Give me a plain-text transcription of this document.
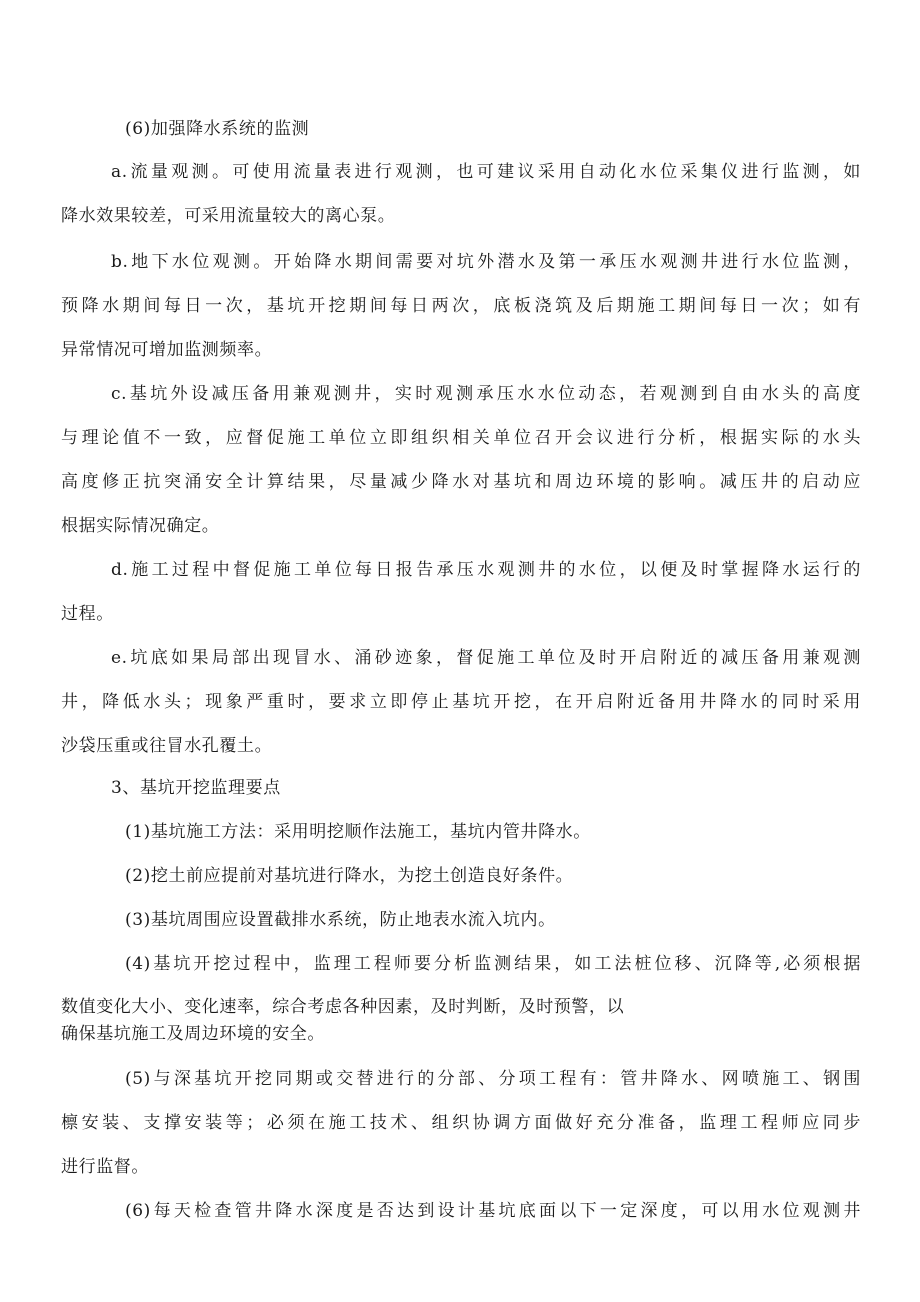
(6)加强降水系统的监测
a.流量观测。可使用流量表进行观测，也可建议采用自动化水位采集仪进行监测，如
降水效果较差，可采用流量较大的离心泵。
b.地下水位观测。开始降水期间需要对坑外潜水及第一承压水观测井进行水位监测，
预降水期间每日一次，基坑开挖期间每日两次，底板浇筑及后期施工期间每日一次；如有
异常情况可增加监测频率。
c.基坑外设减压备用兼观测井，实时观测承压水水位动态，若观测到自由水头的高度
与理论值不一致，应督促施工单位立即组织相关单位召开会议进行分析，根据实际的水头
高度修正抗突涌安全计算结果，尽量减少降水对基坑和周边环境的影响。减压井的启动应
根据实际情况确定。
d.施工过程中督促施工单位每日报告承压水观测井的水位，以便及时掌握降水运行的
过程。
e.坑底如果局部出现冒水、涌砂迹象，督促施工单位及时开启附近的减压备用兼观测
井，降低水头；现象严重时，要求立即停止基坑开挖，在开启附近备用井降水的同时采用
沙袋压重或往冒水孔覆土。
3、基坑开挖监理要点
(1)基坑施工方法：采用明挖顺作法施工，基坑内管井降水。
(2)挖土前应提前对基坑进行降水，为挖土创造良好条件。
(3)基坑周围应设置截排水系统，防止地表水流入坑内。
(4)基坑开挖过程中，监理工程师要分析监测结果，如工法桩位移、沉降等,必须根据
数值变化大小、变化速率，综合考虑各种因素，及时判断，及时预警，以
确保基坑施工及周边环境的安全。
(5)与深基坑开挖同期或交替进行的分部、分项工程有：管井降水、网喷施工、钢围
檩安装、支撑安装等；必须在施工技术、组织协调方面做好充分准备，监理工程师应同步
进行监督。
(6)每天检查管井降水深度是否达到设计基坑底面以下一定深度，可以用水位观测井
